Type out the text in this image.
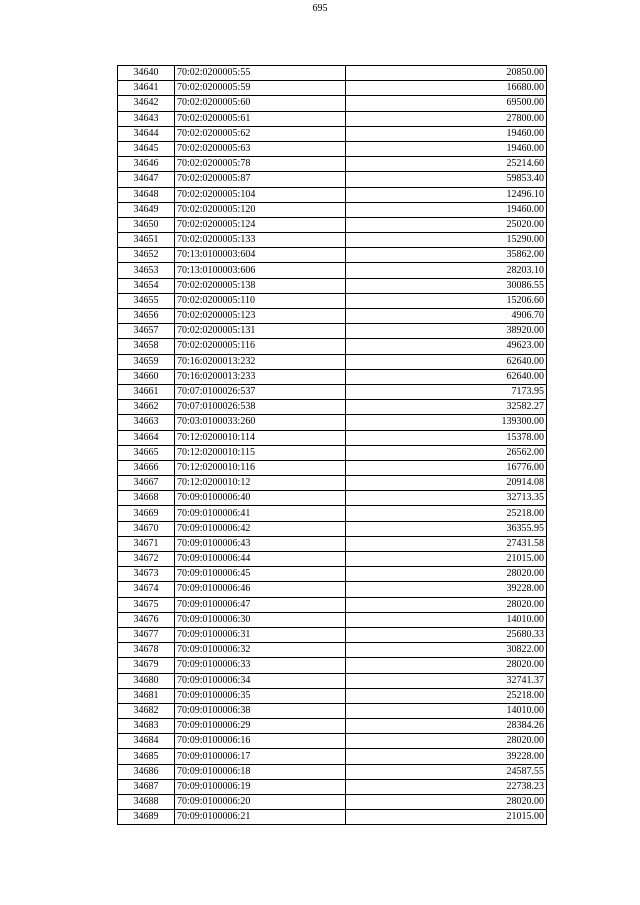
695
34640	70:02:0200005:55	20850.00
34641	70:02:0200005:59	16680.00
34642	70:02:0200005:60	69500.00
34643	70:02:0200005:61	27800.00
34644	70:02:0200005:62	19460.00
34645	70:02:0200005:63	19460.00
34646	70:02:0200005:78	25214.60
34647	70:02:0200005:87	59853.40
34648	70:02:0200005:104	12496.10
34649	70:02:0200005:120	19460.00
34650	70:02:0200005:124	25020.00
34651	70:02:0200005:133	15290.00
34652	70:13:0100003:604	35862.00
34653	70:13:0100003:606	28203.10
34654	70:02:0200005:138	30086.55
34655	70:02:0200005:110	15206.60
34656	70:02:0200005:123	4906.70
34657	70:02:0200005:131	38920.00
34658	70:02:0200005:116	49623.00
34659	70:16:0200013:232	62640.00
34660	70:16:0200013:233	62640.00
34661	70:07:0100026:537	7173.95
34662	70:07:0100026:538	32582.27
34663	70:03:0100033:260	139300.00
34664	70:12:0200010:114	15378.00
34665	70:12:0200010:115	26562.00
34666	70:12:0200010:116	16776.00
34667	70:12:0200010:12	20914.08
34668	70:09:0100006:40	32713.35
34669	70:09:0100006:41	25218.00
34670	70:09:0100006:42	36355.95
34671	70:09:0100006:43	27431.58
34672	70:09:0100006:44	21015.00
34673	70:09:0100006:45	28020.00
34674	70:09:0100006:46	39228.00
34675	70:09:0100006:47	28020.00
34676	70:09:0100006:30	14010.00
34677	70:09:0100006:31	25680.33
34678	70:09:0100006:32	30822.00
34679	70:09:0100006:33	28020.00
34680	70:09:0100006:34	32741.37
34681	70:09:0100006:35	25218.00
34682	70:09:0100006:38	14010.00
34683	70:09:0100006:29	28384.26
34684	70:09:0100006:16	28020.00
34685	70:09:0100006:17	39228.00
34686	70:09:0100006:18	24587.55
34687	70:09:0100006:19	22738.23
34688	70:09:0100006:20	28020.00
34689	70:09:0100006:21	21015.00
